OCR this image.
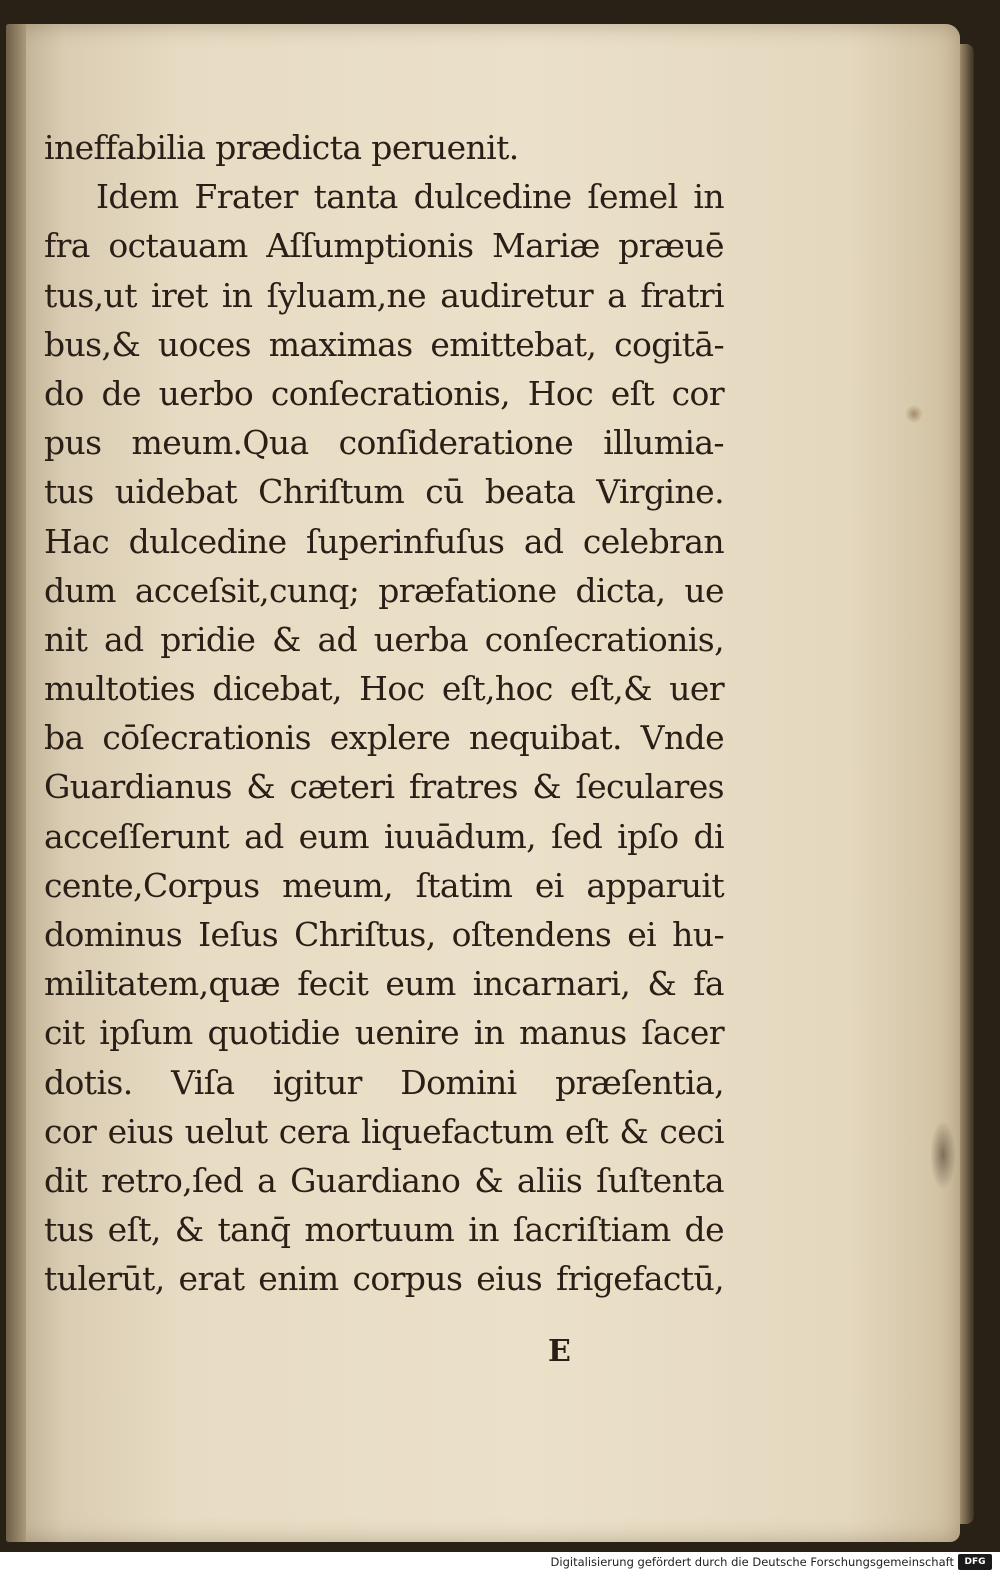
ineffabilia prædicta peruenit.
Idem Frater tanta dulcedine ſemel in
fra octauam Aſſumptionis Mariæ præuē
tus,ut iret in ſyluam,ne audiretur a fratri
bus,& uoces maximas emittebat, cogitā-
do de uerbo conſecrationis, Hoc eſt cor
pus meum.Qua conſideratione illumia-
tus uidebat Chriſtum cū beata Virgine.
Hac dulcedine ſuperinfuſus ad celebran
dum acceſsit,cunq; præfatione dicta, ue
nit ad pridie & ad uerba conſecrationis,
multoties dicebat, Hoc eſt,hoc eſt,& uer
ba cōſecrationis explere nequibat. Vnde
Guardianus & cæteri fratres & ſeculares
acceſſerunt ad eum iuuādum, ſed ipſo di
cente,Corpus meum, ſtatim ei apparuit
dominus Ieſus Chriſtus, oſtendens ei hu-
militatem,quæ fecit eum incarnari, & fa
cit ipſum quotidie uenire in manus ſacer
dotis. Viſa igitur Domini præſentia,
cor eius uelut cera liquefactum eſt & ceci
dit retro,ſed a Guardiano & aliis ſuſtenta
tus eſt, & tanq̄ mortuum in ſacriſtiam de
tulerūt, erat enim corpus eius frigefactū,
E
Digitalisierung gefördert durch die Deutsche Forschungsgemeinschaft	DFG
